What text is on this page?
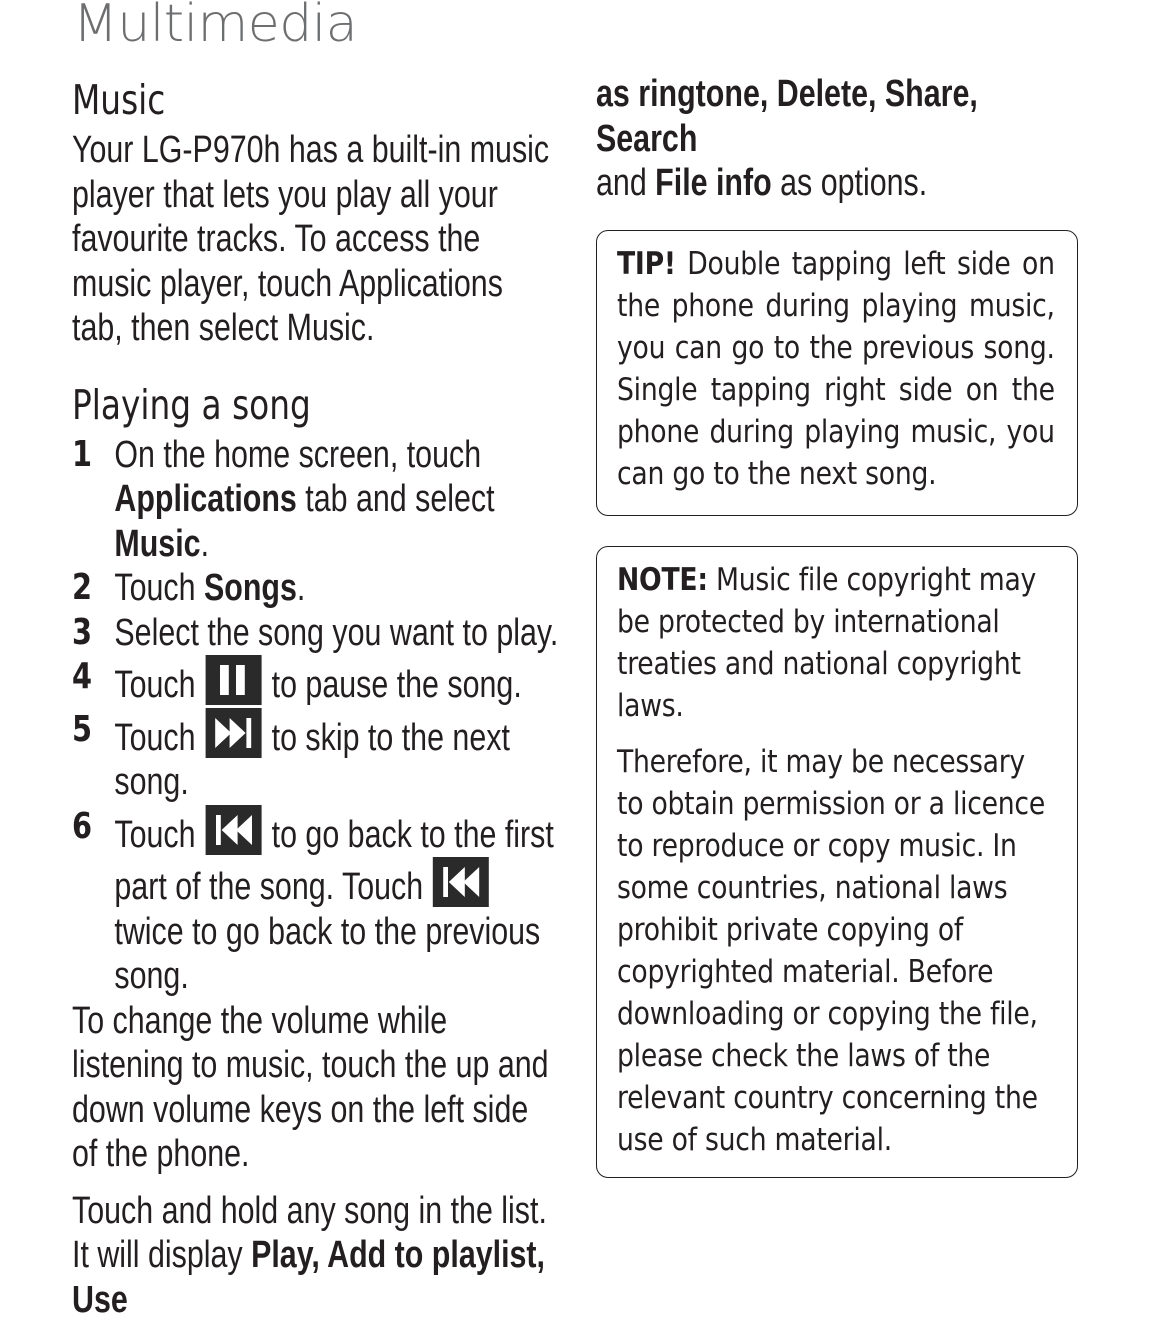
Multimedia
Music

Your LG-P970h has a built-in music player that lets you play all your favourite tracks. To access the music player, touch Applications tab, then select Music.

Playing a song
1 On the home screen, touch Applications tab and select Music.
2 Touch Songs.
3 Select the song you want to play.
4 Touch
to pause the song.
5 Touch
to skip to the next song.
6 Touch
to go back to the first part of the song. Touch
twice to go back to the previous song.

To change the volume while listening to music, touch the up and down volume keys on the left side of the phone.

Touch and hold any song in the list. It will display Play, Add to playlist, Use

as ringtone, Delete, Share, Search
and File info as options.

TIP! Double tapping left side on the phone during playing music, you can go to the previous song. Single tapping right side on the phone during playing music, you can go to the next song.

NOTE: Music file copyright may be protected by international treaties and national copyright laws.

Therefore, it may be necessary to obtain permission or a licence to reproduce or copy music. In some countries, national laws prohibit private copying of copyrighted material. Before downloading or copying the file, please check the laws of the relevant country concerning the use of such material.
